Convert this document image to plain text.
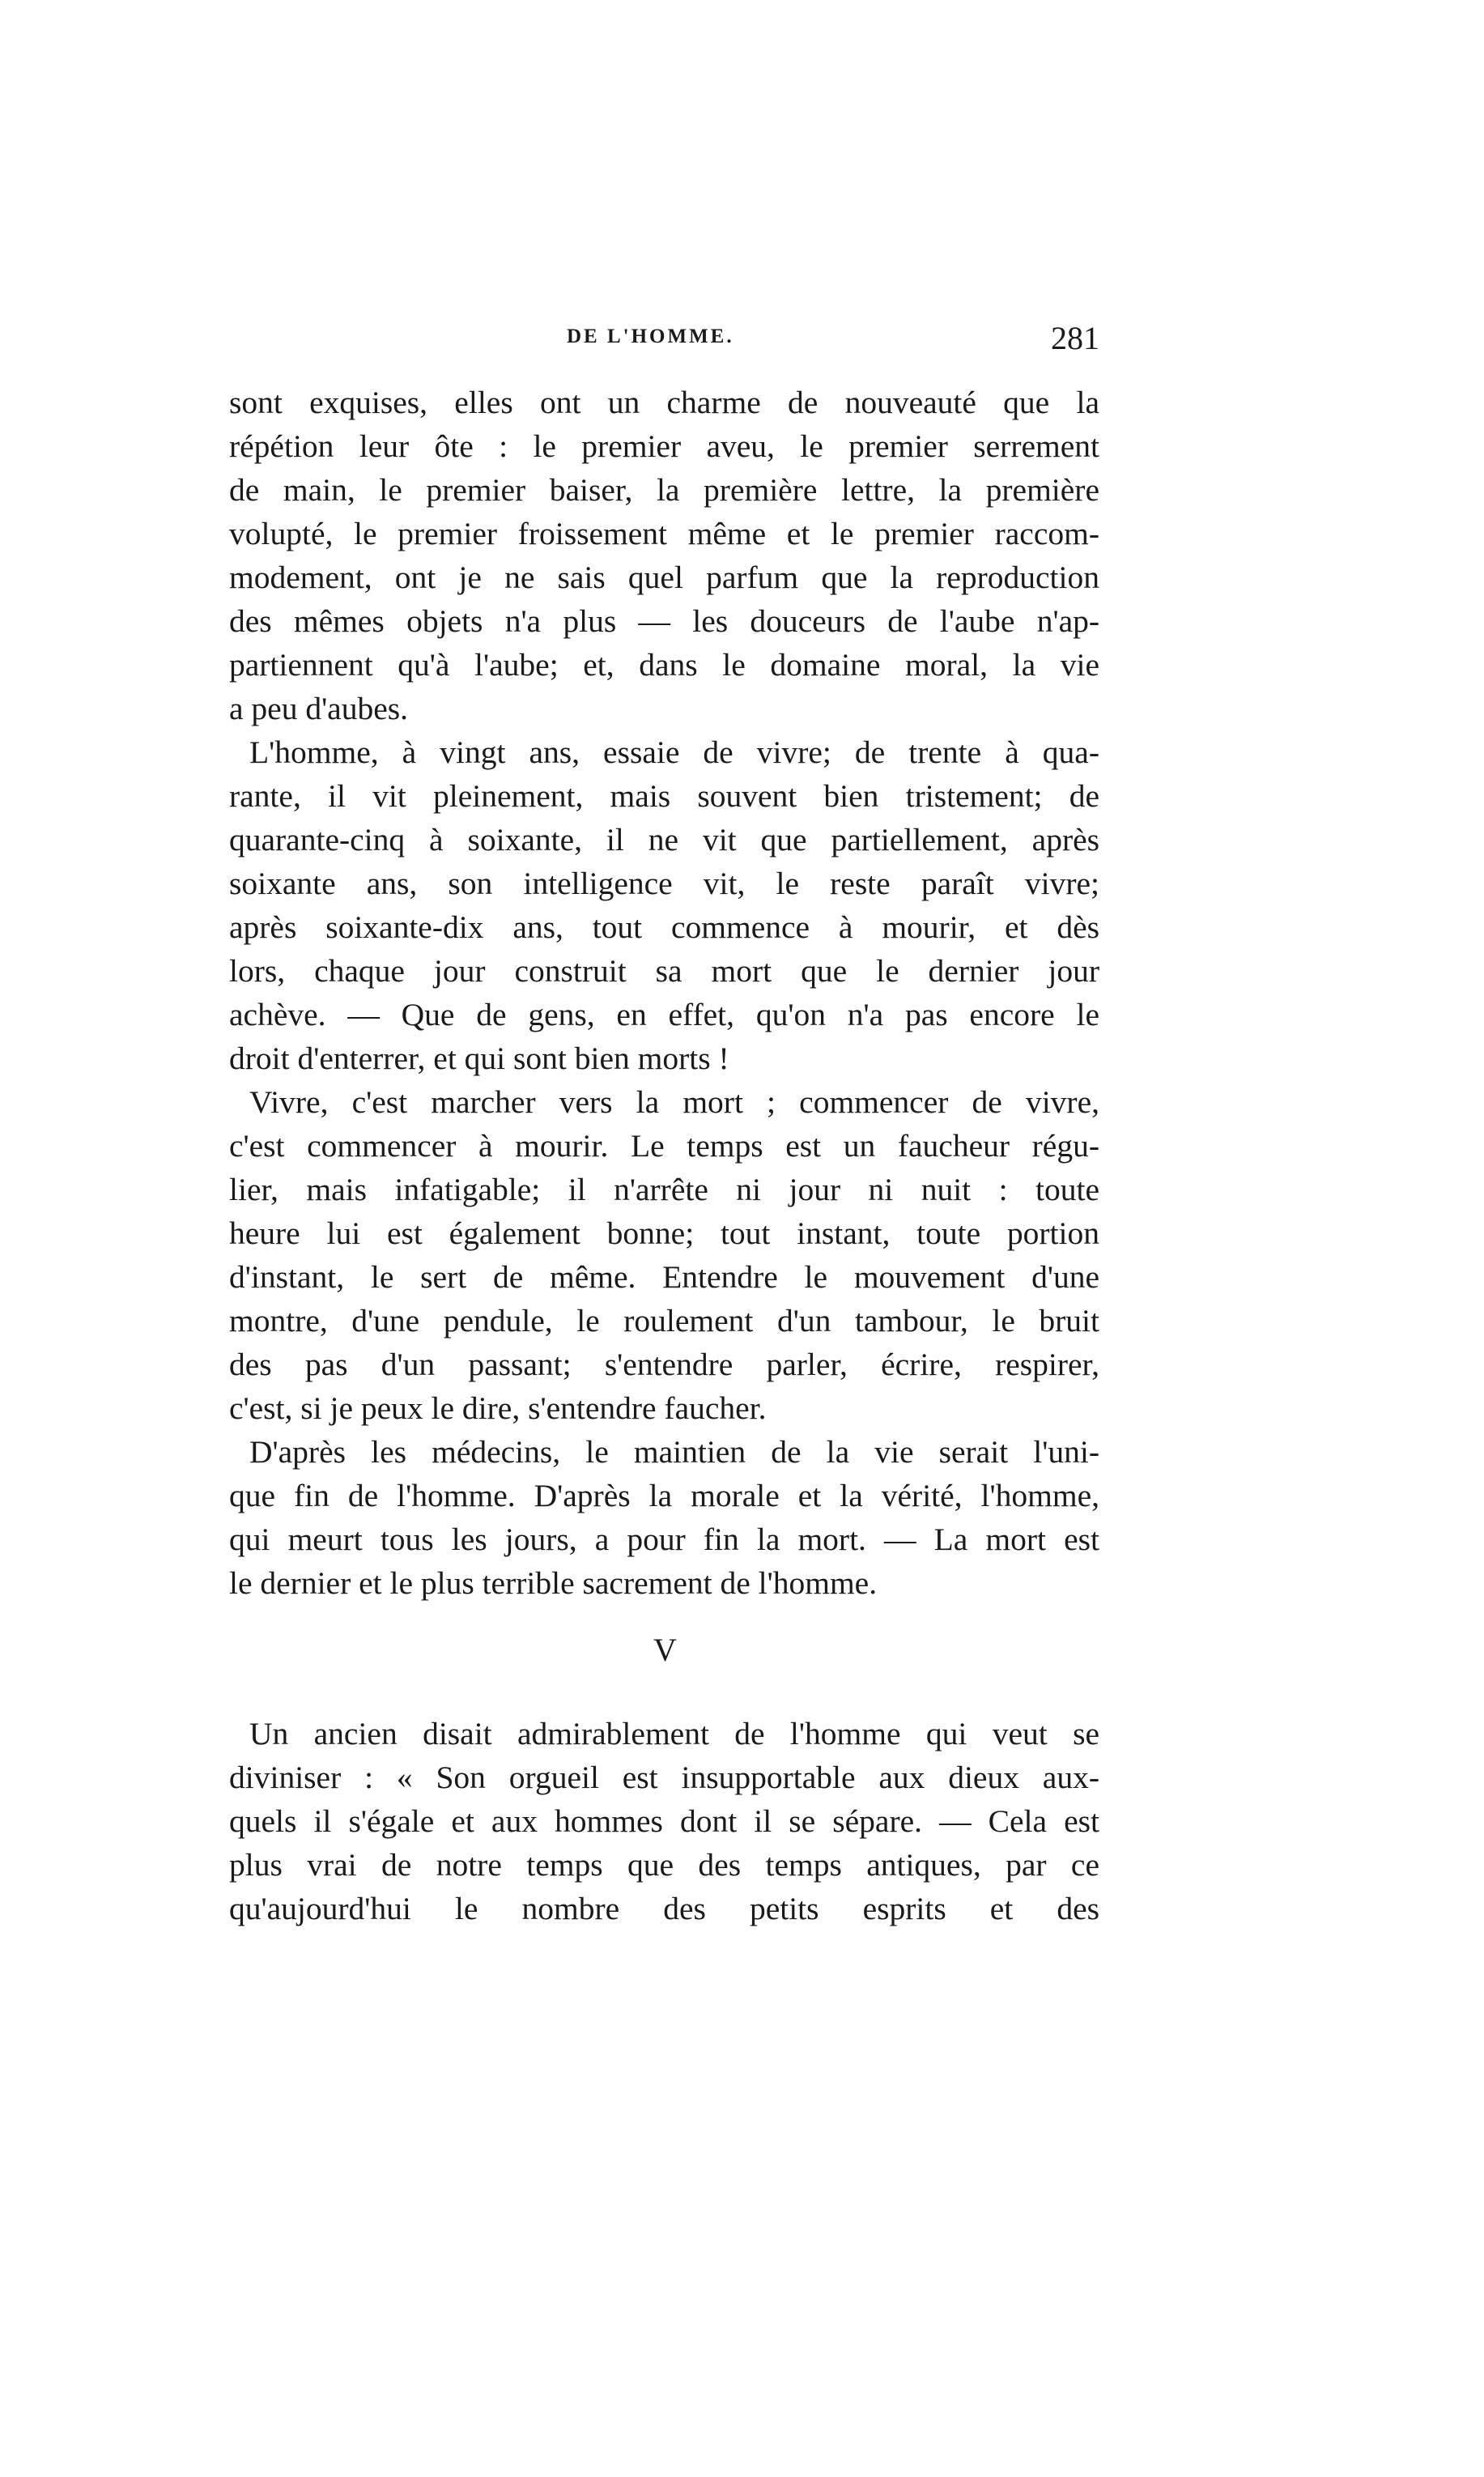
DE L'HOMME.	281
sont exquises, elles ont un charme de nouveauté que la
répétion leur ôte : le premier aveu, le premier serrement
de main, le premier baiser, la première lettre, la première
volupté, le premier froissement même et le premier raccom-
modement, ont je ne sais quel parfum que la reproduction
des mêmes objets n'a plus — les douceurs de l'aube n'ap-
partiennent qu'à l'aube; et, dans le domaine moral, la vie
a peu d'aubes.
L'homme, à vingt ans, essaie de vivre; de trente à qua-
rante, il vit pleinement, mais souvent bien tristement; de
quarante-cinq à soixante, il ne vit que partiellement, après
soixante ans, son intelligence vit, le reste paraît vivre;
après soixante-dix ans, tout commence à mourir, et dès
lors, chaque jour construit sa mort que le dernier jour
achève. — Que de gens, en effet, qu'on n'a pas encore le
droit d'enterrer, et qui sont bien morts !
Vivre, c'est marcher vers la mort ; commencer de vivre,
c'est commencer à mourir. Le temps est un faucheur régu-
lier, mais infatigable; il n'arrête ni jour ni nuit : toute
heure lui est également bonne; tout instant, toute portion
d'instant, le sert de même. Entendre le mouvement d'une
montre, d'une pendule, le roulement d'un tambour, le bruit
des pas d'un passant; s'entendre parler, écrire, respirer,
c'est, si je peux le dire, s'entendre faucher.
D'après les médecins, le maintien de la vie serait l'uni-
que fin de l'homme. D'après la morale et la vérité, l'homme,
qui meurt tous les jours, a pour fin la mort. — La mort est
le dernier et le plus terrible sacrement de l'homme.
V
Un ancien disait admirablement de l'homme qui veut se
diviniser : « Son orgueil est insupportable aux dieux aux-
quels il s'égale et aux hommes dont il se sépare. — Cela est
plus vrai de notre temps que des temps antiques, par ce
qu'aujourd'hui le nombre des petits esprits et des
